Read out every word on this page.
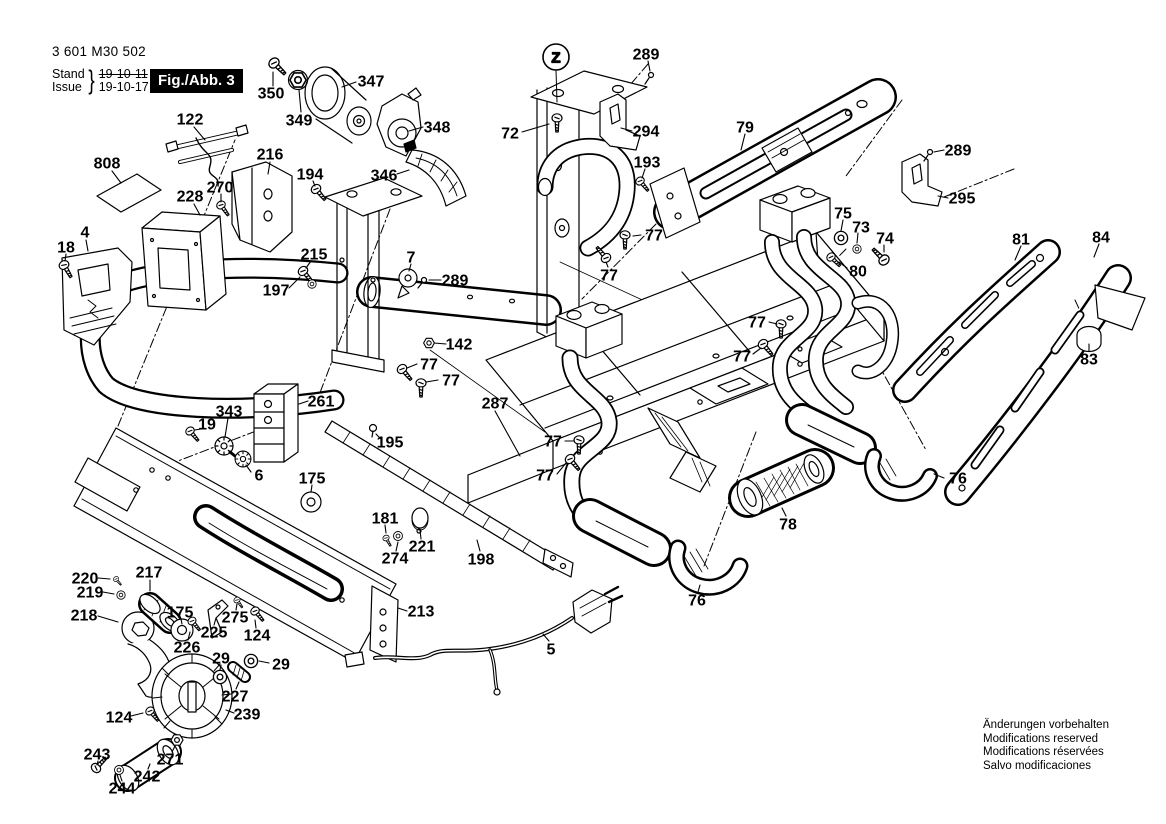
Z
350
349
347
348
346
122
808
216
270
228
194
18
4
215
197
7
289
72
289
294
193
79
289
295
75
73
74
80
81	84
83
77
77
77
77
77
77
77
77
142
261	287
343
19
6 175
195
181
274
221
198
213
220
219
218
217
175
225
226
275
124
29	29
227
239
124
271
243
242
244
5
76
78
76
3 601 M30 502
Stand
Issue } 19-10-11
19-10-17 Fig./Abb. 3
Änderungen vorbehalten
Modifications reserved
Modifications réservées
Salvo modificaciones
